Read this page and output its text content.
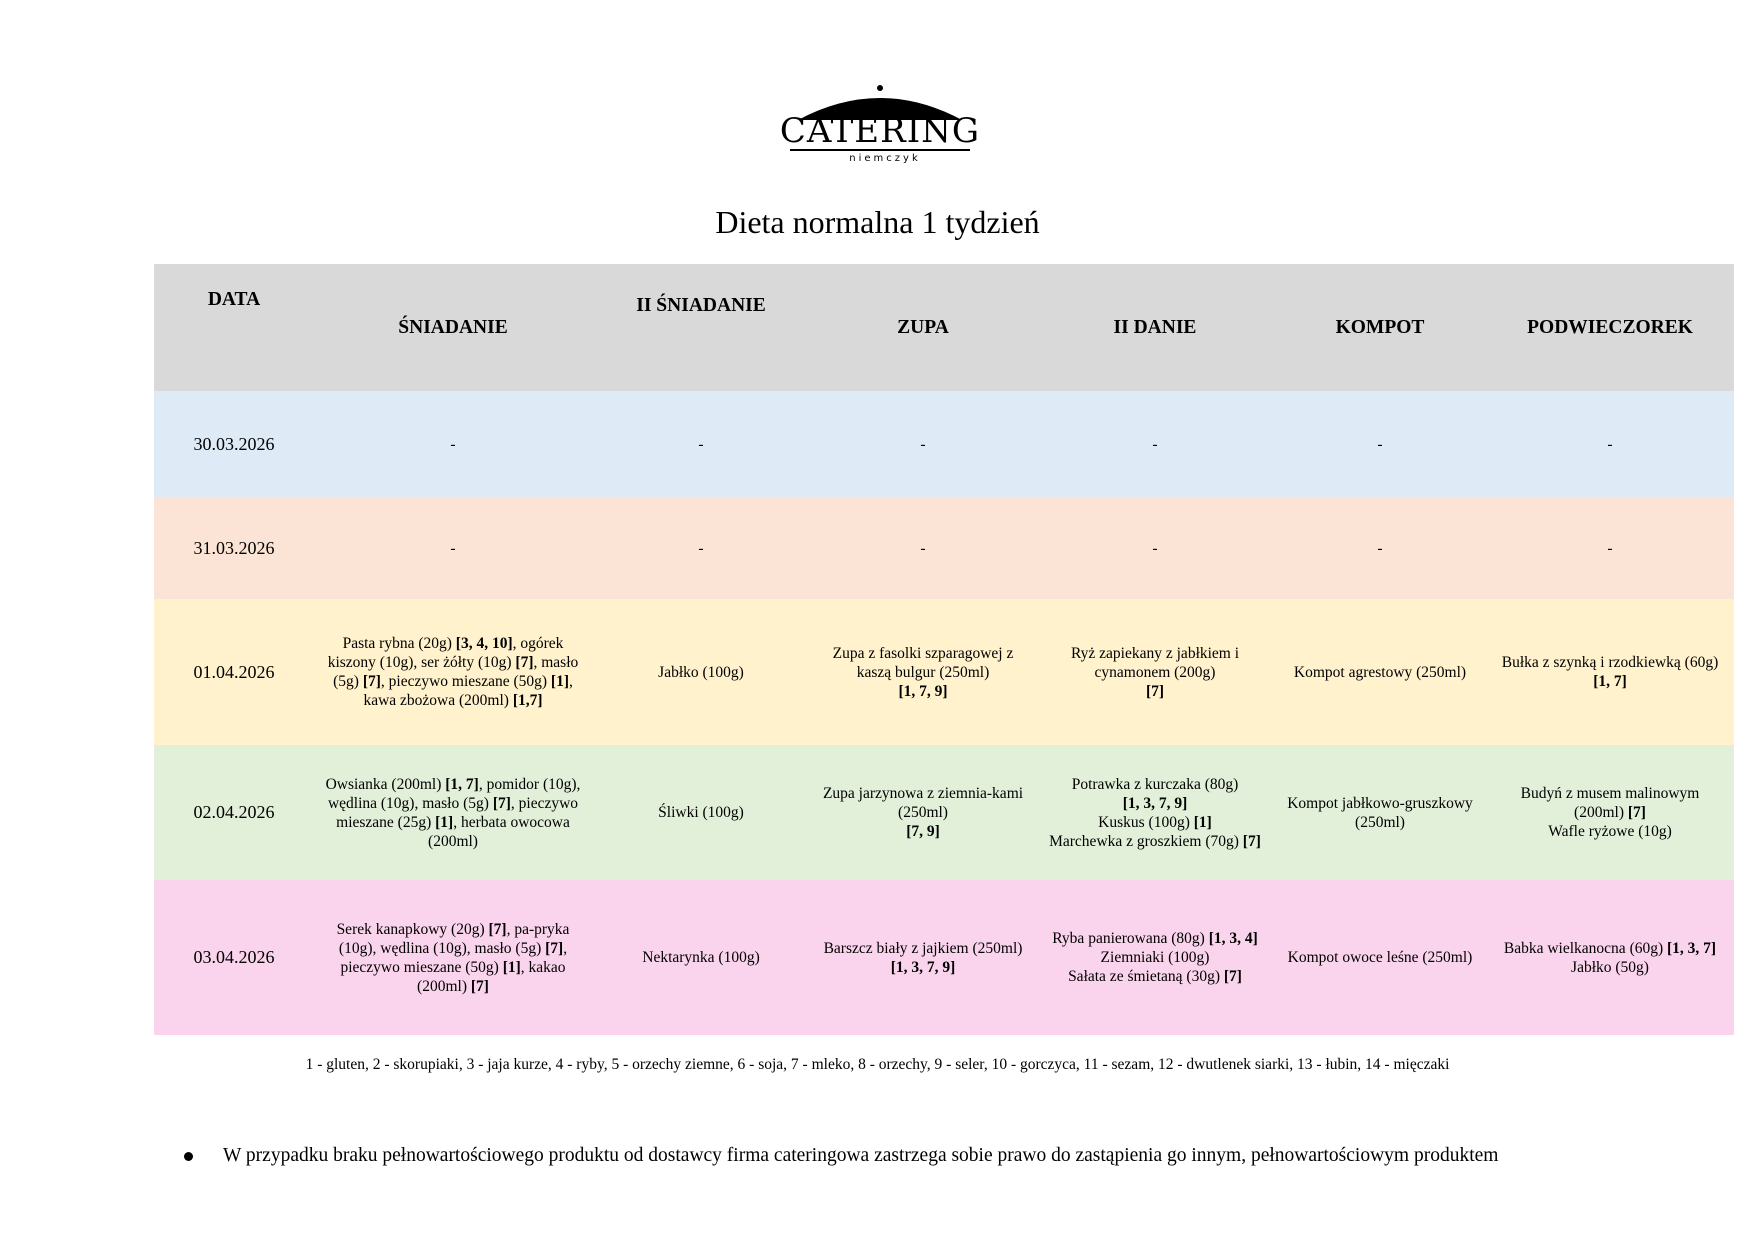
CATERING
niemczyk
Dieta normalna 1 tydzień
DATA	ŚNIADANIE	II ŚNIADANIE	ZUPA	II DANIE	KOMPOT	PODWIECZOREK
30.03.2026	-	-	-	-	-	-
31.03.2026	-	-	-	-	-	-
01.04.2026	Pasta rybna (20g) [3, 4, 10], ogórek kiszony (10g), ser żółty (10g) [7], masło (5g) [7], pieczywo mieszane (50g) [1], kawa zbożowa (200ml) [1,7]	Jabłko (100g)	Zupa z fasolki szparagowej z kaszą bulgur (250ml)
[1, 7, 9]	Ryż zapiekany z jabłkiem i cynamonem (200g)
[7]	Kompot agrestowy (250ml)	Bułka z szynką i rzodkiewką (60g)
[1, 7]
02.04.2026	Owsianka (200ml) [1, 7], pomidor (10g), wędlina (10g), masło (5g) [7], pieczywo mieszane (25g) [1], herbata owocowa (200ml)	Śliwki (100g)	Zupa jarzynowa z ziemnia-kami (250ml)
[7, 9]	Potrawka z kurczaka (80g)
[1, 3, 7, 9]
Kuskus (100g) [1]
Marchewka z groszkiem (70g) [7]	Kompot jabłkowo-gruszkowy (250ml)	Budyń z musem malinowym (200ml) [7]
Wafle ryżowe (10g)
03.04.2026	Serek kanapkowy (20g) [7], pa-pryka (10g), wędlina (10g), masło (5g) [7], pieczywo mieszane (50g) [1], kakao (200ml) [7]	Nektarynka (100g)	Barszcz biały z jajkiem (250ml)
[1, 3, 7, 9]	Ryba panierowana (80g) [1, 3, 4]
Ziemniaki (100g)
Sałata ze śmietaną (30g) [7]	Kompot owoce leśne (250ml)	Babka wielkanocna (60g) [1, 3, 7]
Jabłko (50g)
1 - gluten, 2 - skorupiaki, 3 - jaja kurze, 4 - ryby, 5 - orzechy ziemne, 6 - soja, 7 - mleko, 8 - orzechy, 9 - seler, 10 - gorczyca, 11 - sezam, 12 - dwutlenek siarki, 13 - łubin, 14 - mięczaki
W przypadku braku pełnowartościowego produktu od dostawcy firma cateringowa zastrzega sobie prawo do zastąpienia go innym, pełnowartościowym produktem
